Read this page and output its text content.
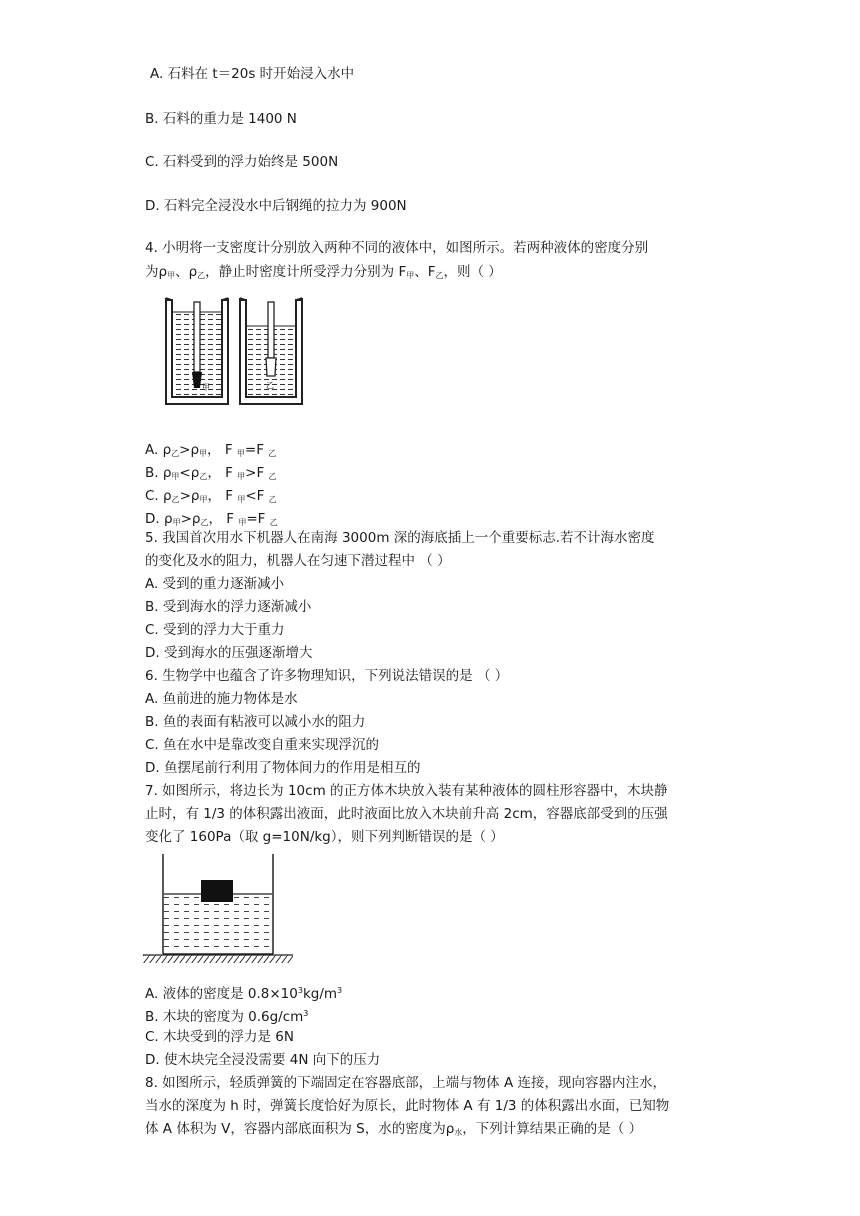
A. 石料在 t＝20s 时开始浸入水中
B. 石料的重力是 1400 N
C. 石料受到的浮力始终是 500N
D. 石料完全浸没水中后钢绳的拉力为 900N
4. 小明将一支密度计分别放入两种不同的液体中，如图所示。若两种液体的密度分别
为$\rho_甲$、$\rho_乙$，静止时密度计所受浮力分别为 $F_甲$、$F_乙$，则（ ）
甲	乙
A. $\rho_乙>\rho_甲$， F $_甲$=F $_乙$
B. $\rho_甲<\rho_乙$， F $_甲$>F $_乙$
C. $\rho_乙>\rho_甲$， F $_甲$<F $_乙$
D. $\rho_甲>\rho_乙$， F $_甲$=F $_乙$
5. 我国首次用水下机器人在南海 3000m 深的海底插上一个重要标志.若不计海水密度
的变化及水的阻力，机器人在匀速下潜过程中 （ ）
A. 受到的重力逐渐减小
B. 受到海水的浮力逐渐减小
C. 受到的浮力大于重力
D. 受到海水的压强逐渐增大
6. 生物学中也蕴含了许多物理知识，下列说法错误的是 （ ）
A. 鱼前进的施力物体是水
B. 鱼的表面有粘液可以减小水的阻力
C. 鱼在水中是靠改变自重来实现浮沉的
D. 鱼摆尾前行利用了物体间力的作用是相互的
7. 如图所示，将边长为 10cm 的正方体木块放入装有某种液体的圆柱形容器中，木块静
止时，有 1/3 的体积露出液面，此时液面比放入木块前升高 2cm，容器底部受到的压强
变化了 160Pa（取 g=10N/kg），则下列判断错误的是（ ）
A. 液体的密度是 $0.8\times 10^3kg/m^3$
B. 木块的密度为 $0.6g/cm^3$
C. 木块受到的浮力是 6N
D. 使木块完全浸没需要 4N 向下的压力
8. 如图所示，轻质弹簧的下端固定在容器底部，上端与物体 A 连接，现向容器内注水，
当水的深度为 h 时，弹簧长度恰好为原长，此时物体 A 有 1/3 的体积露出水面，已知物
体 A 体积为 V，容器内部底面积为 S，水的密度为$\rho_水$，下列计算结果正确的是（ ）
